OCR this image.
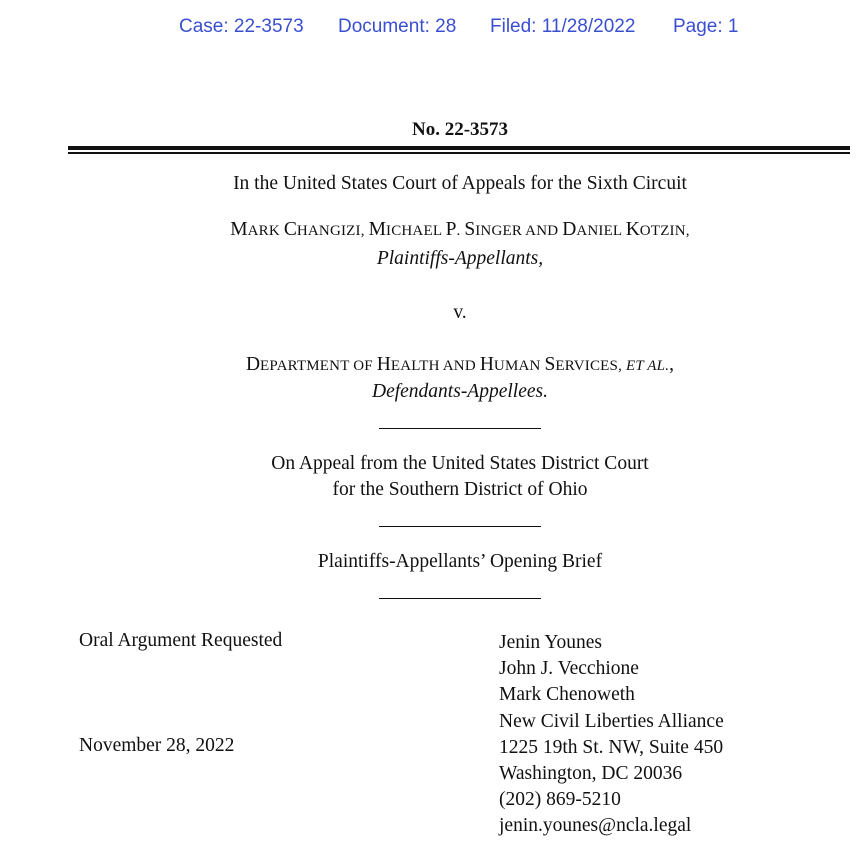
Case: 22-3573 Document: 28 Filed: 11/28/2022 Page: 1
No. 22-3573
In the United States Court of Appeals for the Sixth Circuit
MARK CHANGIZI, MICHAEL P. SINGER AND DANIEL KOTZIN,
Plaintiffs-Appellants,
v.
DEPARTMENT OF HEALTH AND HUMAN SERVICES, ET AL.,
Defendants-Appellees.
On Appeal from the United States District Court
for the Southern District of Ohio
Plaintiffs-Appellants’ Opening Brief
Oral Argument Requested
November 28, 2022
Jenin Younes
John J. Vecchione
Mark Chenoweth
New Civil Liberties Alliance
1225 19th St. NW, Suite 450
Washington, DC 20036
(202) 869-5210
jenin.younes@ncla.legal
